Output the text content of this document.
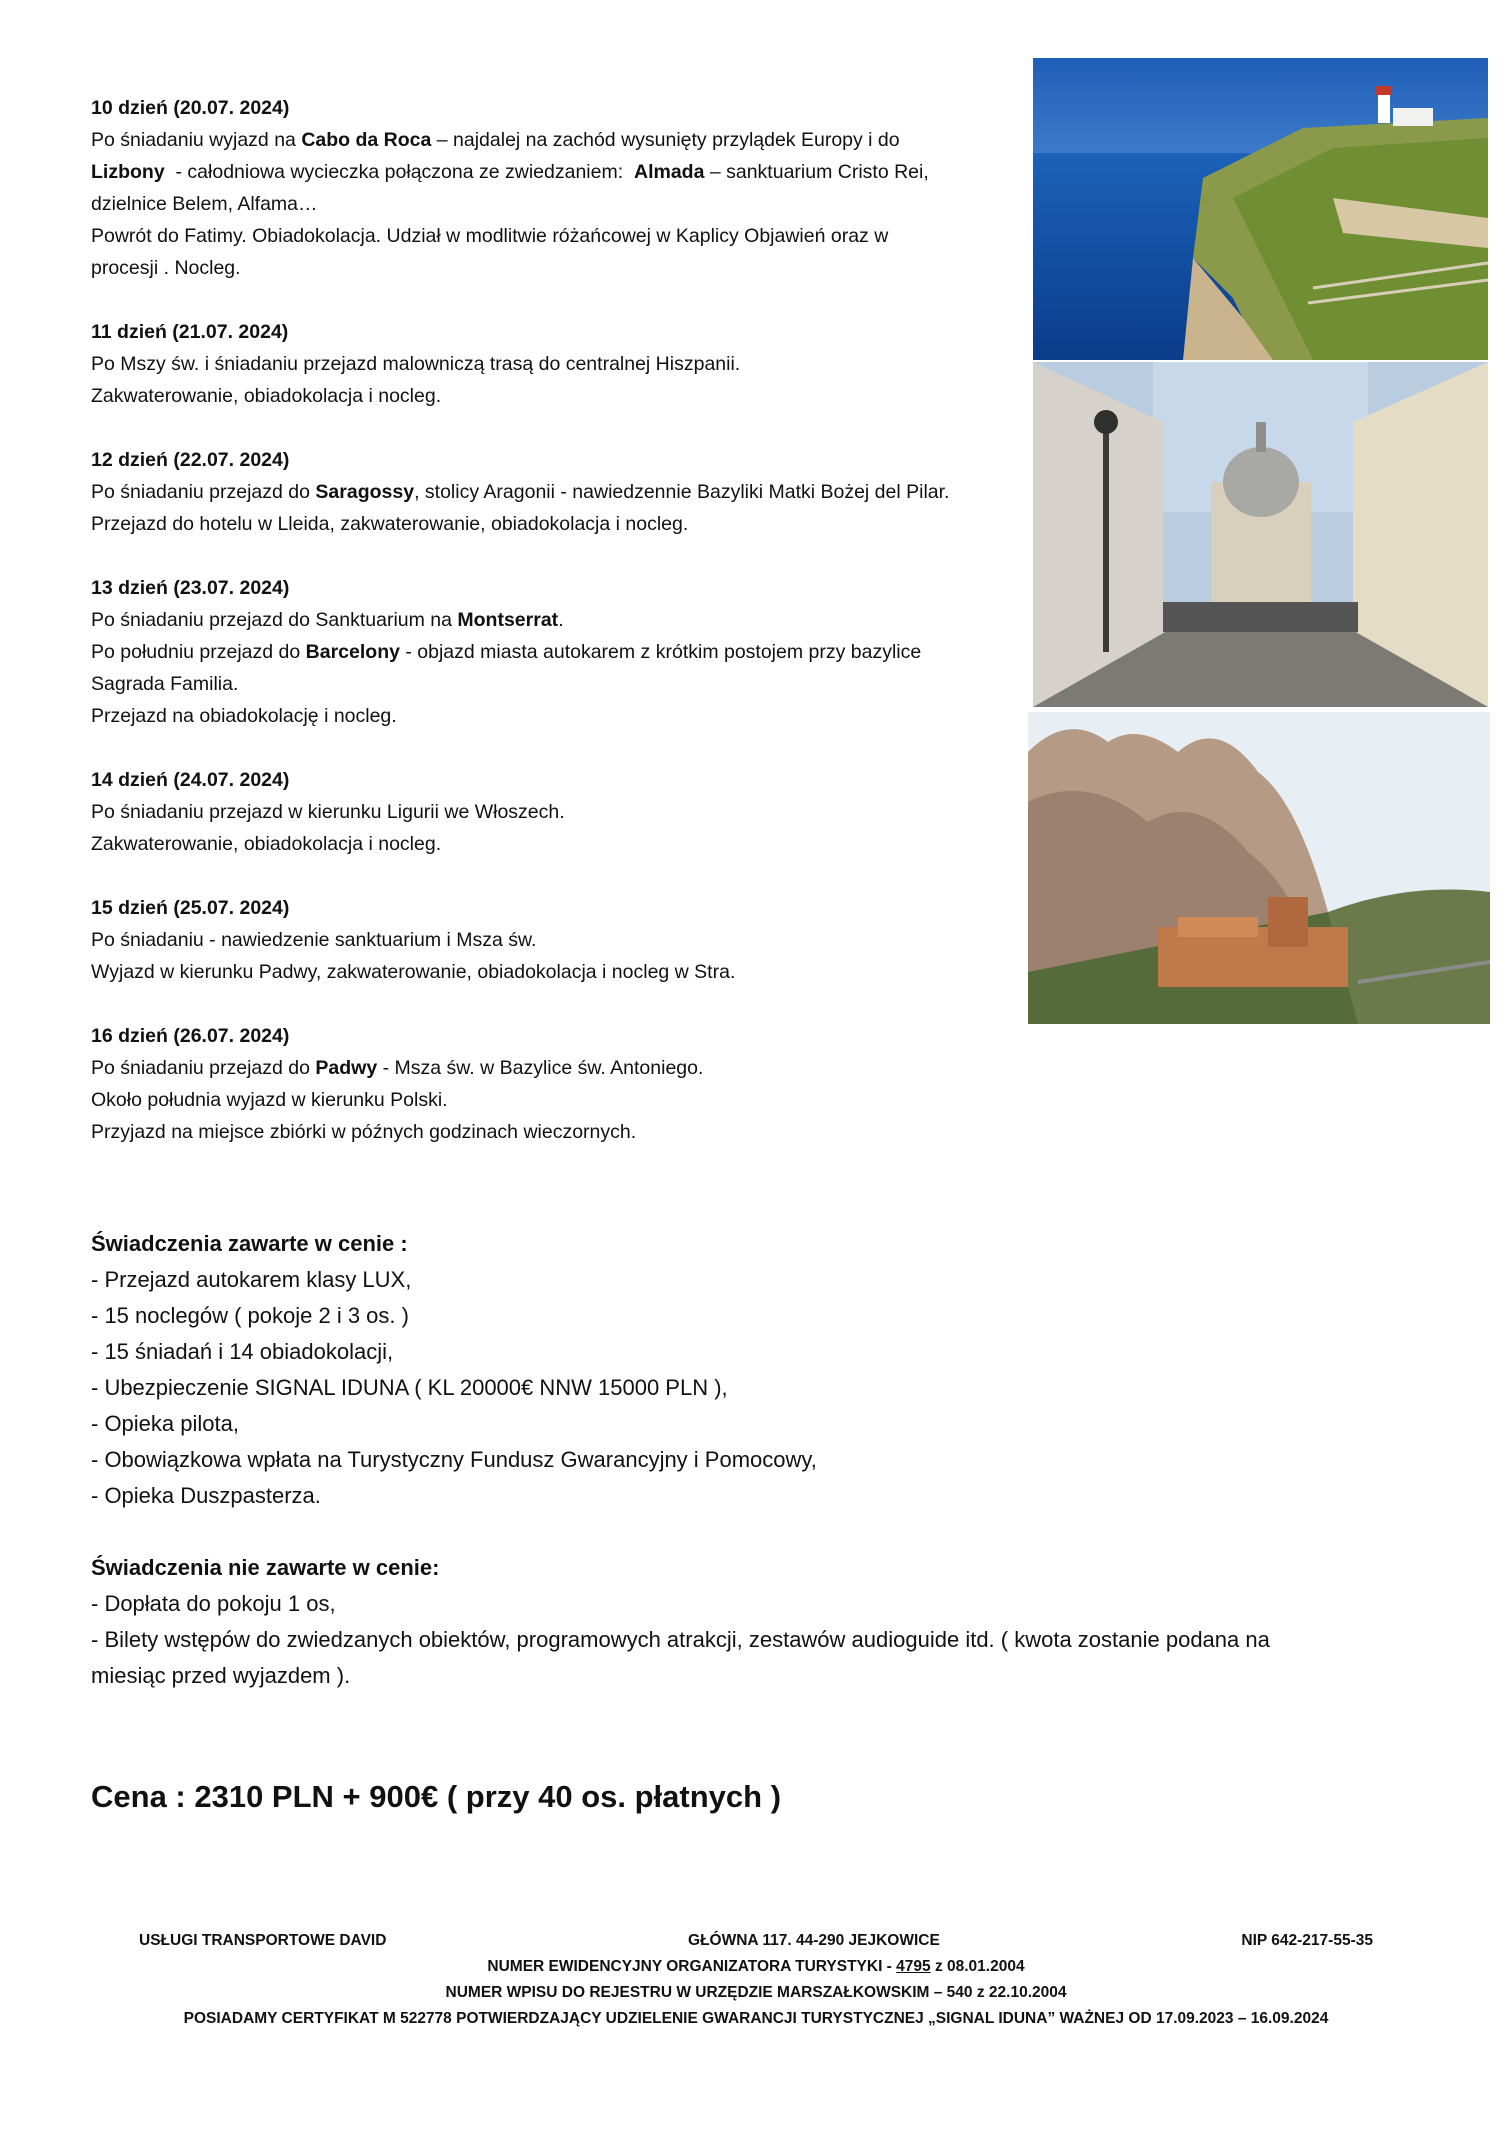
10 dzień (20.07. 2024)
Po śniadaniu wyjazd na Cabo da Roca – najdalej na zachód wysunięty przylądek Europy i do
Lizbony  - całodniowa wycieczka połączona ze zwiedzaniem:  Almada – sanktuarium Cristo Rei,
dzielnice Belem, Alfama…
Powrót do Fatimy. Obiadokolacja. Udział w modlitwie różańcowej w Kaplicy Objawień oraz w
procesji . Nocleg.
11 dzień (21.07. 2024)
Po Mszy św. i śniadaniu przejazd malowniczą trasą do centralnej Hiszpanii.
Zakwaterowanie, obiadokolacja i nocleg.
12 dzień (22.07. 2024)
Po śniadaniu przejazd do Saragossy, stolicy Aragonii - nawiedzennie Bazyliki Matki Bożej del Pilar.
Przejazd do hotelu w Lleida, zakwaterowanie, obiadokolacja i nocleg.
13 dzień (23.07. 2024)
Po śniadaniu przejazd do Sanktuarium na Montserrat.
Po południu przejazd do Barcelony - objazd miasta autokarem z krótkim postojem przy bazylice
Sagrada Familia.
Przejazd na obiadokolację i nocleg.
14 dzień (24.07. 2024)
Po śniadaniu przejazd w kierunku Ligurii we Włoszech.
Zakwaterowanie, obiadokolacja i nocleg.
15 dzień (25.07. 2024)
Po śniadaniu - nawiedzenie sanktuarium i Msza św.
Wyjazd w kierunku Padwy, zakwaterowanie, obiadokolacja i nocleg w Stra.
16 dzień (26.07. 2024)
Po śniadaniu przejazd do Padwy - Msza św. w Bazylice św. Antoniego.
Około południa wyjazd w kierunku Polski.
Przyjazd na miejsce zbiórki w późnych godzinach wieczornych.
Świadczenia zawarte w cenie :
- Przejazd autokarem klasy LUX,
- 15 noclegów ( pokoje 2 i 3 os. )
- 15 śniadań i 14 obiadokolacji,
- Ubezpieczenie SIGNAL IDUNA ( KL 20000€ NNW 15000 PLN ),
- Opieka pilota,
- Obowiązkowa wpłata na Turystyczny Fundusz Gwarancyjny i Pomocowy,
- Opieka Duszpasterza.
Świadczenia nie zawarte w cenie:
- Dopłata do pokoju 1 os,
- Bilety wstępów do zwiedzanych obiektów, programowych atrakcji, zestawów audioguide itd. ( kwota zostanie podana na
miesiąc przed wyjazdem ).
Cena : 2310 PLN + 900€ ( przy 40 os. płatnych )
USŁUGI TRANSPORTOWE DAVID	GŁÓWNA 117. 44-290 JEJKOWICE	NIP 642-217-55-35
NUMER EWIDENCYJNY ORGANIZATORA TURYSTYKI - 4795 z 08.01.2004
NUMER WPISU DO REJESTRU W URZĘDZIE MARSZAŁKOWSKIM – 540 z 22.10.2004
POSIADAMY CERTYFIKAT M 522778 POTWIERDZAJĄCY UDZIELENIE GWARANCJI TURYSTYCZNEJ „SIGNAL IDUNA” WAŻNEJ OD 17.09.2023 – 16.09.2024
